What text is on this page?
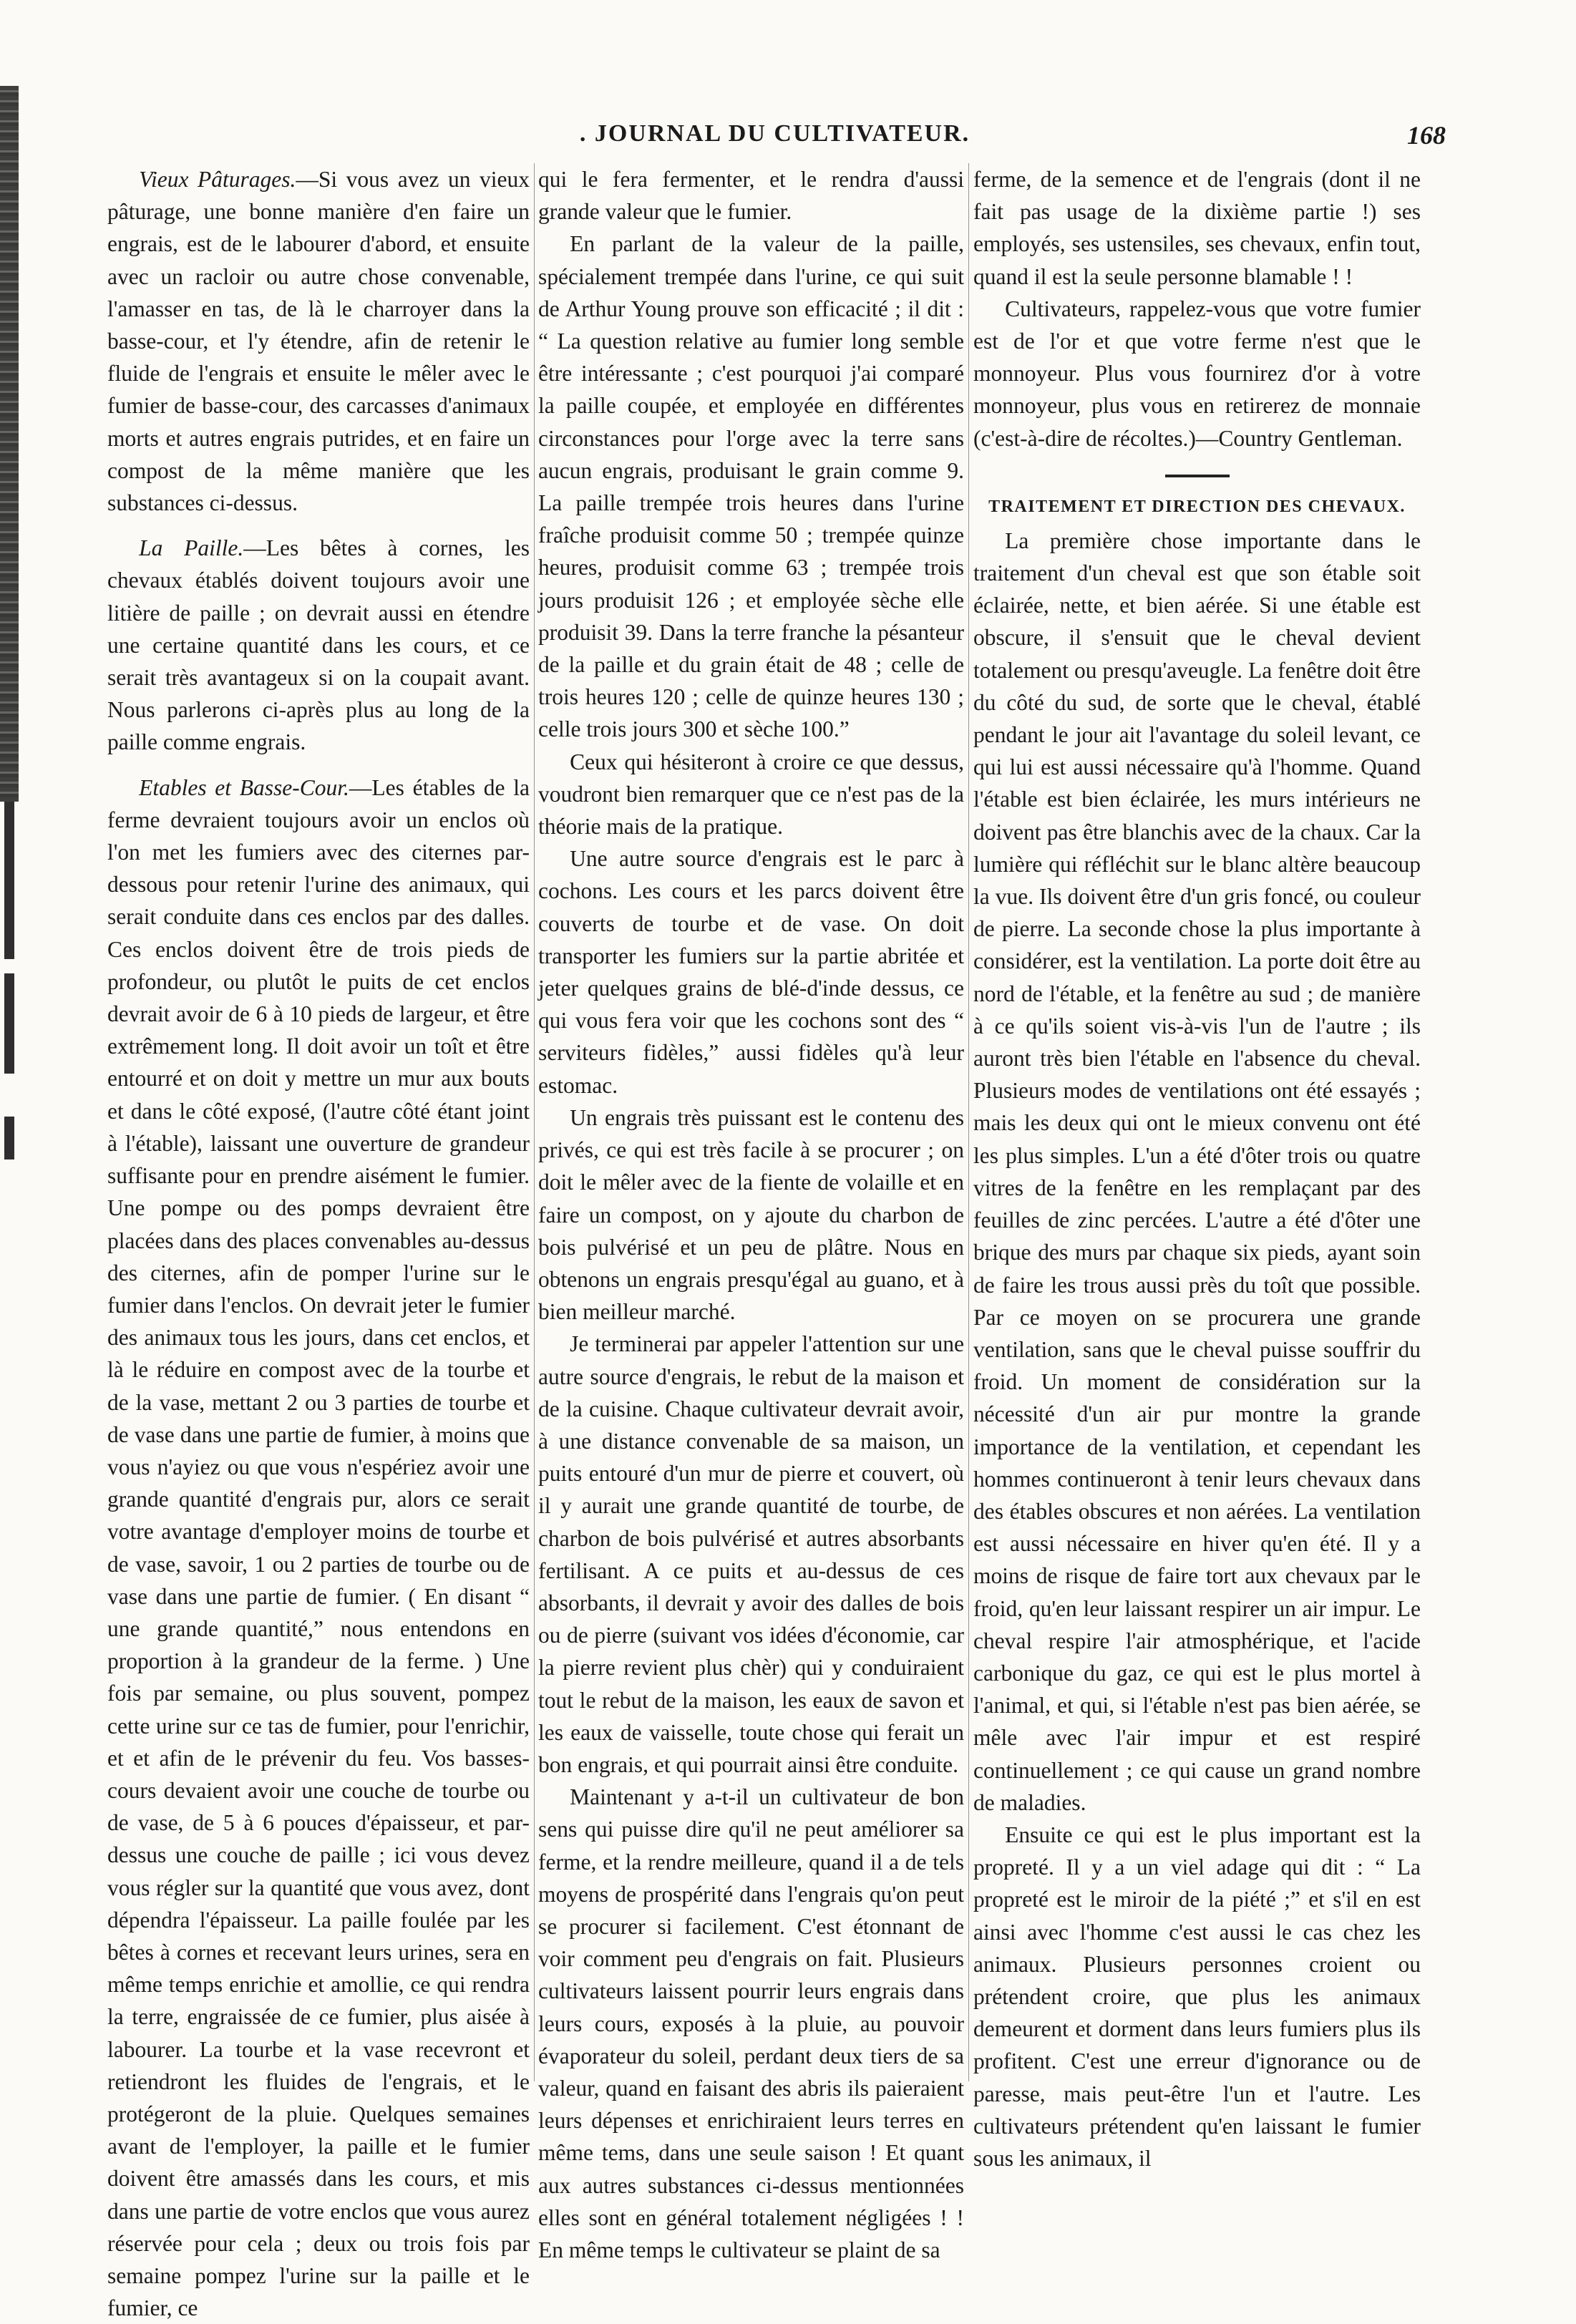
. JOURNAL DU CULTIVATEUR.	168

Vieux Pâturages.—Si vous avez un vieux pâturage, une bonne manière d'en faire un engrais, est de le labourer d'abord, et ensuite avec un racloir ou autre chose convenable, l'amasser en tas, de là le charroyer dans la basse-cour, et l'y étendre, afin de retenir le fluide de l'engrais et ensuite le mêler avec le fumier de basse-cour, des carcasses d'animaux morts et autres engrais putrides, et en faire un compost de la même manière que les substances ci-dessus.

La Paille.—Les bêtes à cornes, les chevaux établés doivent toujours avoir une litière de paille ; on devrait aussi en étendre une certaine quantité dans les cours, et ce serait très avantageux si on la coupait avant. Nous parlerons ci-après plus au long de la paille comme engrais.

Etables et Basse-Cour.—Les étables de la ferme devraient toujours avoir un enclos où l'on met les fumiers avec des citernes par-dessous pour retenir l'urine des animaux, qui serait conduite dans ces enclos par des dalles. Ces enclos doivent être de trois pieds de profondeur, ou plutôt le puits de cet enclos devrait avoir de 6 à 10 pieds de largeur, et être extrêmement long. Il doit avoir un toît et être entourré et on doit y mettre un mur aux bouts et dans le côté exposé, (l'autre côté étant joint à l'étable), laissant une ouverture de grandeur suffisante pour en prendre aisément le fumier. Une pompe ou des pomps devraient être placées dans des places convenables au-dessus des citernes, afin de pomper l'urine sur le fumier dans l'enclos. On devrait jeter le fumier des animaux tous les jours, dans cet enclos, et là le réduire en compost avec de la tourbe et de la vase, mettant 2 ou 3 parties de tourbe et de vase dans une partie de fumier, à moins que vous n'ayiez ou que vous n'espériez avoir une grande quantité d'engrais pur, alors ce serait votre avantage d'employer moins de tourbe et de vase, savoir, 1 ou 2 parties de tourbe ou de vase dans une partie de fumier. ( En disant “ une grande quantité,” nous entendons en proportion à la grandeur de la ferme. ) Une fois par semaine, ou plus souvent, pompez cette urine sur ce tas de fumier, pour l'enrichir, et et afin de le prévenir du feu. Vos basses-cours devaient avoir une couche de tourbe ou de vase, de 5 à 6 pouces d'épaisseur, et par-dessus une couche de paille ; ici vous devez vous régler sur la quantité que vous avez, dont dépendra l'épaisseur. La paille foulée par les bêtes à cornes et recevant leurs urines, sera en même temps enrichie et amollie, ce qui rendra la terre, engraissée de ce fumier, plus aisée à labourer. La tourbe et la vase recevront et retiendront les fluides de l'engrais, et le protégeront de la pluie. Quelques semaines avant de l'employer, la paille et le fumier doivent être amassés dans les cours, et mis dans une partie de votre enclos que vous aurez réservée pour cela ; deux ou trois fois par semaine pompez l'urine sur la paille et le fumier, ce

qui le fera fermenter, et le rendra d'aussi grande valeur que le fumier.

En parlant de la valeur de la paille, spécialement trempée dans l'urine, ce qui suit de Arthur Young prouve son efficacité ; il dit : “ La question relative au fumier long semble être intéressante ; c'est pourquoi j'ai comparé la paille coupée, et employée en différentes circonstances pour l'orge avec la terre sans aucun engrais, produisant le grain comme 9. La paille trempée trois heures dans l'urine fraîche produisit comme 50 ; trempée quinze heures, produisit comme 63 ; trempée trois jours produisit 126 ; et employée sèche elle produisit 39. Dans la terre franche la pésanteur de la paille et du grain était de 48 ; celle de trois heures 120 ; celle de quinze heures 130 ; celle trois jours 300 et sèche 100.”

Ceux qui hésiteront à croire ce que dessus, voudront bien remarquer que ce n'est pas de la théorie mais de la pratique.

Une autre source d'engrais est le parc à cochons. Les cours et les parcs doivent être couverts de tourbe et de vase. On doit transporter les fumiers sur la partie abritée et jeter quelques grains de blé-d'inde dessus, ce qui vous fera voir que les cochons sont des “ serviteurs fidèles,” aussi fidèles qu'à leur estomac.

Un engrais très puissant est le contenu des privés, ce qui est très facile à se procurer ; on doit le mêler avec de la fiente de volaille et en faire un compost, on y ajoute du charbon de bois pulvérisé et un peu de plâtre. Nous en obtenons un engrais presqu'égal au guano, et à bien meilleur marché.

Je terminerai par appeler l'attention sur une autre source d'engrais, le rebut de la maison et de la cuisine. Chaque cultivateur devrait avoir, à une distance convenable de sa maison, un puits entouré d'un mur de pierre et couvert, où il y aurait une grande quantité de tourbe, de charbon de bois pulvérisé et autres absorbants fertilisant. A ce puits et au-dessus de ces absorbants, il devrait y avoir des dalles de bois ou de pierre (suivant vos idées d'économie, car la pierre revient plus chèr) qui y conduiraient tout le rebut de la maison, les eaux de savon et les eaux de vaisselle, toute chose qui ferait un bon engrais, et qui pourrait ainsi être conduite.

Maintenant y a-t-il un cultivateur de bon sens qui puisse dire qu'il ne peut améliorer sa ferme, et la rendre meilleure, quand il a de tels moyens de prospérité dans l'engrais qu'on peut se procurer si facilement. C'est étonnant de voir comment peu d'engrais on fait. Plusieurs cultivateurs laissent pourrir leurs engrais dans leurs cours, exposés à la pluie, au pouvoir évaporateur du soleil, perdant deux tiers de sa valeur, quand en faisant des abris ils paieraient leurs dépenses et enrichiraient leurs terres en même tems, dans une seule saison ! Et quant aux autres substances ci-dessus mentionnées elles sont en général totalement négligées ! ! En même temps le cultivateur se plaint de sa

ferme, de la semence et de l'engrais (dont il ne fait pas usage de la dixième partie !) ses employés, ses ustensiles, ses chevaux, enfin tout, quand il est la seule personne blamable ! !

Cultivateurs, rappelez-vous que votre fumier est de l'or et que votre ferme n'est que le monnoyeur. Plus vous fournirez d'or à votre monnoyeur, plus vous en retirerez de monnaie (c'est-à-dire de récoltes.)—Country Gentleman.

TRAITEMENT ET DIRECTION DES CHEVAUX.

La première chose importante dans le traitement d'un cheval est que son étable soit éclairée, nette, et bien aérée. Si une étable est obscure, il s'ensuit que le cheval devient totalement ou presqu'aveugle. La fenêtre doit être du côté du sud, de sorte que le cheval, établé pendant le jour ait l'avantage du soleil levant, ce qui lui est aussi nécessaire qu'à l'homme. Quand l'étable est bien éclairée, les murs intérieurs ne doivent pas être blanchis avec de la chaux. Car la lumière qui réfléchit sur le blanc altère beaucoup la vue. Ils doivent être d'un gris foncé, ou couleur de pierre. La seconde chose la plus importante à considérer, est la ventilation. La porte doit être au nord de l'étable, et la fenêtre au sud ; de manière à ce qu'ils soient vis-à-vis l'un de l'autre ; ils auront très bien l'étable en l'absence du cheval. Plusieurs modes de ventilations ont été essayés ; mais les deux qui ont le mieux convenu ont été les plus simples. L'un a été d'ôter trois ou quatre vitres de la fenêtre en les remplaçant par des feuilles de zinc percées. L'autre a été d'ôter une brique des murs par chaque six pieds, ayant soin de faire les trous aussi près du toît que possible. Par ce moyen on se procurera une grande ventilation, sans que le cheval puisse souffrir du froid. Un moment de considération sur la nécessité d'un air pur montre la grande importance de la ventilation, et cependant les hommes continueront à tenir leurs chevaux dans des étables obscures et non aérées. La ventilation est aussi nécessaire en hiver qu'en été. Il y a moins de risque de faire tort aux chevaux par le froid, qu'en leur laissant respirer un air impur. Le cheval respire l'air atmosphérique, et l'acide carbonique du gaz, ce qui est le plus mortel à l'animal, et qui, si l'étable n'est pas bien aérée, se mêle avec l'air impur et est respiré continuellement ; ce qui cause un grand nombre de maladies.

Ensuite ce qui est le plus important est la propreté. Il y a un viel adage qui dit : “ La propreté est le miroir de la piété ;” et s'il en est ainsi avec l'homme c'est aussi le cas chez les animaux. Plusieurs personnes croient ou prétendent croire, que plus les animaux demeurent et dorment dans leurs fumiers plus ils profitent. C'est une erreur d'ignorance ou de paresse, mais peut-être l'un et l'autre. Les cultivateurs prétendent qu'en laissant le fumier sous les animaux, il
